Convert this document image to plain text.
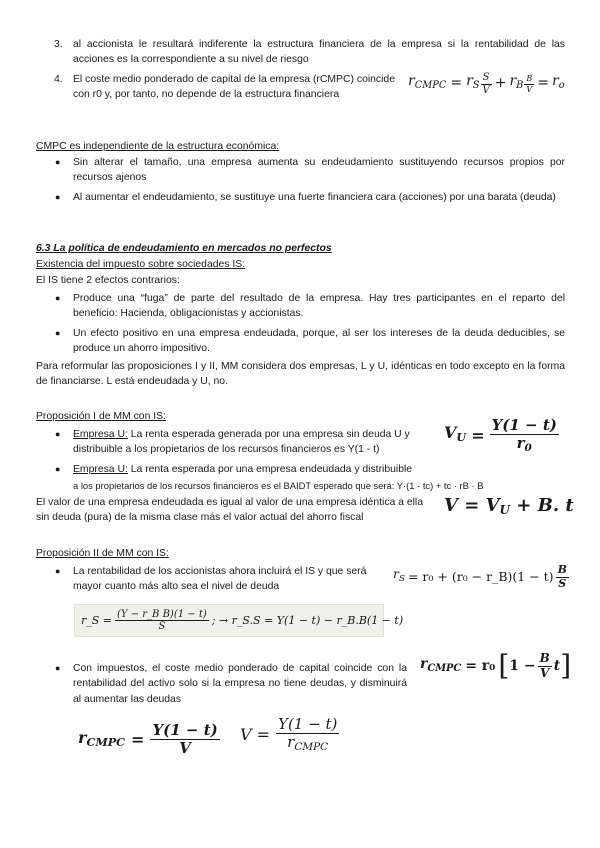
3. al accionista le resultará indiferente la estructura financiera de la empresa si la rentabilidad de las acciones es la correspondiente a su nivel de riesgo
4. El coste medio ponderado de capital de la empresa (rCMPC) coincide con r0 y, por tanto, no depende de la estructura financiera
$r_{CMPC} = r_S \frac{S}{V} + r_B \frac{B}{V} = r_o$
CMPC es independiente de la estructura económica:
● Sin alterar el tamaño, una empresa aumenta su endeudamiento sustituyendo recursos propios por recursos ajenos
● Al aumentar el endeudamiento, se sustituye una fuerte financiera cara (acciones) por una barata (deuda)
6.3 La política de endeudamiento en mercados no perfectos
Existencia del impuesto sobre sociedades IS:
El IS tiene 2 efectos contrarios:
● Produce una “fuga” de parte del resultado de la empresa. Hay tres participantes en el reparto del beneficio: Hacienda, obligacionistas y accionistas.
● Un efecto positivo en una empresa endeudada, porque, al ser los intereses de la deuda deducibles, se produce un ahorro impositivo.
Para reformular las proposiciones I y II, MM considera dos empresas, L y U, idénticas en todo excepto en la forma de financiarse. L está endeudada y U, no.
Proposición I de MM con IS:
● Empresa U: La renta esperada generada por una empresa sin deuda U y distribuible a los propietarios de los recursos financieros es Y(1 - t)
● Empresa U: La renta esperada por una empresa endeudada y distribuible
a los propietarios de los recursos financieros es el BAIDT esperado que será: Y·(1 - tc) + tc · rB · B
El valor de una empresa endeudada es igual al valor de una empresa idéntica a ella sin deuda (pura) de la misma clase más el valor actual del ahorro fiscal
$V_U = \frac{Y(1 - t)}{r_0}$
$V = V_U + B$. t
Proposición II de MM con IS:
● La rentabilidad de los accionistas ahora incluirá el IS y que será mayor cuanto más alto sea el nivel de deuda
$r_S = r_0 + (r_0$ − r_B)(1 − $t) \frac{B}{S}$
r_S = $\frac{\text{(Y − r\_B B)(1 − t)}}{S}$ ; → r_S.S = Y(1 − t) − r_B.B(1 − t)
● Con impuestos, el coste medio ponderado de capital coincide con la rentabilidad del activo solo si la empresa no tiene deudas, y disminuirá al aumentar las deudas
$r_{CMPC} = r_0$ [ $1 - \frac{B}{V}$ t ]
$r_{CMPC} = \frac{Y(1 - t)}{V}$ $V = \frac{Y(1 - t)}{r_{CMPC}}$
